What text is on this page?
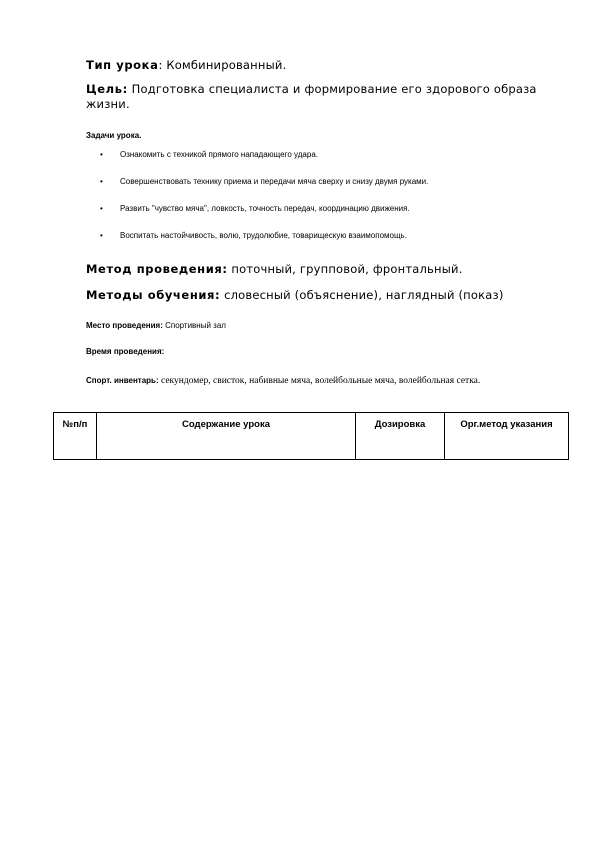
Тип урока: Комбинированный.
Цель: Подготовка специалиста и формирование его здорового образа жизни.
Задачи урока.
• Ознакомить с техникой прямого нападающего удара.
• Совершенствовать технику приема и передачи мяча сверху и снизу двумя руками.
• Развить "чувство мяча", ловкость, точность передач, координацию движения.
• Воспитать настойчивость, волю, трудолюбие, товарищескую взаимопомощь.
Метод проведения: поточный, групповой, фронтальный.
Методы обучения: словесный (объяснение), наглядный (показ)
Место проведения: Спортивный зал
Время проведения:
Спорт. инвентарь: секундомер, свисток, набивные мяча, волейбольные мяча, волейбольная сетка.
№п/п	Содержание урока	Дозировка	Орг.метод указания
